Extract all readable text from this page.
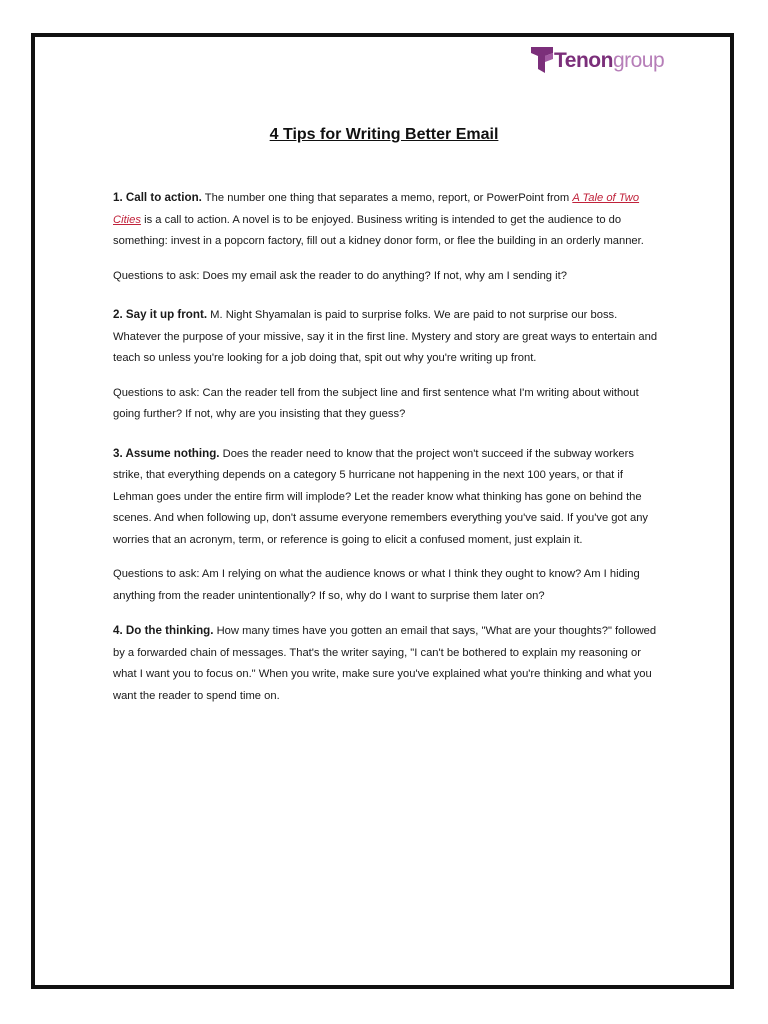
Tenongroup
4 Tips for Writing Better Email

1. Call to action. The number one thing that separates a memo, report, or PowerPoint from A Tale of Two Cities is a call to action. A novel is to be enjoyed. Business writing is intended to get the audience to do something: invest in a popcorn factory, fill out a kidney donor form, or flee the building in an orderly manner.

Questions to ask: Does my email ask the reader to do anything? If not, why am I sending it?

2. Say it up front. M. Night Shyamalan is paid to surprise folks. We are paid to not surprise our boss. Whatever the purpose of your missive, say it in the first line. Mystery and story are great ways to entertain and teach so unless you're looking for a job doing that, spit out why you're writing up front.

Questions to ask: Can the reader tell from the subject line and first sentence what I'm writing about without going further? If not, why are you insisting that they guess?

3. Assume nothing. Does the reader need to know that the project won't succeed if the subway workers strike, that everything depends on a category 5 hurricane not happening in the next 100 years, or that if Lehman goes under the entire firm will implode? Let the reader know what thinking has gone on behind the scenes. And when following up, don't assume everyone remembers everything you've said. If you've got any worries that an acronym, term, or reference is going to elicit a confused moment, just explain it.

Questions to ask: Am I relying on what the audience knows or what I think they ought to know? Am I hiding anything from the reader unintentionally? If so, why do I want to surprise them later on?

4. Do the thinking. How many times have you gotten an email that says, "What are your thoughts?" followed by a forwarded chain of messages. That's the writer saying, "I can't be bothered to explain my reasoning or what I want you to focus on." When you write, make sure you've explained what you're thinking and what you want the reader to spend time on.
